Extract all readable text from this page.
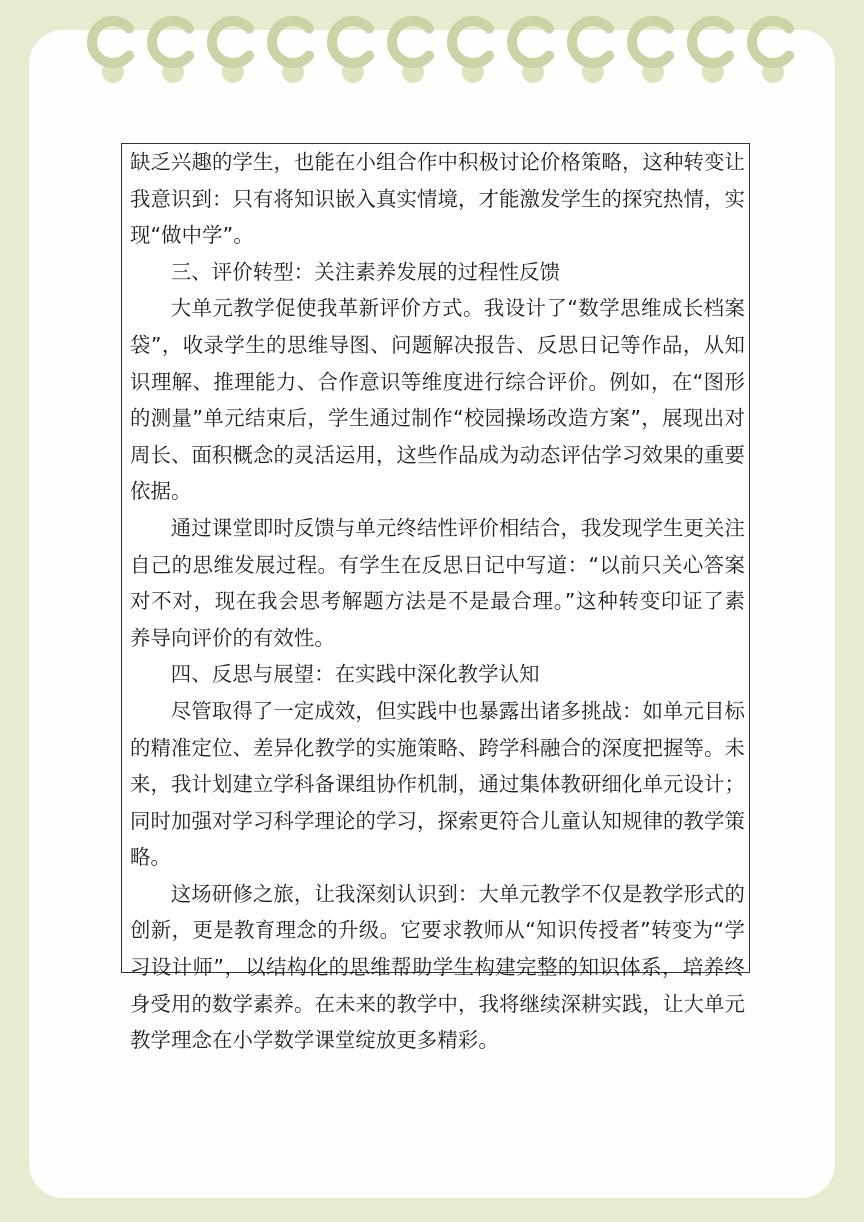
缺乏兴趣的学生，也能在小组合作中积极讨论价格策略，这种转变让我意识到：只有将知识嵌入真实情境，才能激发学生的探究热情，实现“做中学”。

三、评价转型：关注素养发展的过程性反馈

大单元教学促使我革新评价方式。我设计了“数学思维成长档案袋”，收录学生的思维导图、问题解决报告、反思日记等作品，从知识理解、推理能力、合作意识等维度进行综合评价。例如，在“图形的测量”单元结束后，学生通过制作“校园操场改造方案”，展现出对周长、面积概念的灵活运用，这些作品成为动态评估学习效果的重要依据。

通过课堂即时反馈与单元终结性评价相结合，我发现学生更关注自己的思维发展过程。有学生在反思日记中写道：“以前只关心答案对不对，现在我会思考解题方法是不是最合理。”这种转变印证了素养导向评价的有效性。

四、反思与展望：在实践中深化教学认知

尽管取得了一定成效，但实践中也暴露出诸多挑战：如单元目标的精准定位、差异化教学的实施策略、跨学科融合的深度把握等。未来，我计划建立学科备课组协作机制，通过集体教研细化单元设计；同时加强对学习科学理论的学习，探索更符合儿童认知规律的教学策略。

这场研修之旅，让我深刻认识到：大单元教学不仅是教学形式的创新，更是教育理念的升级。它要求教师从“知识传授者”转变为“学习设计师”，以结构化的思维帮助学生构建完整的知识体系，培养终身受用的数学素养。在未来的教学中，我将继续深耕实践，让大单元教学理念在小学数学课堂绽放更多精彩。
